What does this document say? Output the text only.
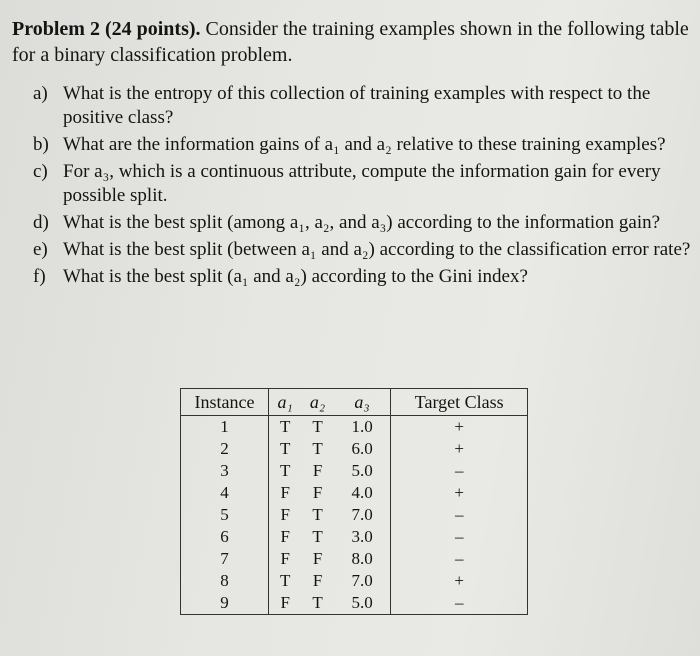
Problem 2 (24 points). Consider the training examples shown in the following table for a binary classification problem.

a) What is the entropy of this collection of training examples with respect to the positive class?
b) What are the information gains of a₁ and a₂ relative to these training examples?
c) For a₃, which is a continuous attribute, compute the information gain for every possible split.
d) What is the best split (among a₁, a₂, and a₃) according to the information gain?
e) What is the best split (between a₁ and a₂) according to the classification error rate?
f) What is the best split (a₁ and a₂) according to the Gini index?
Instance	a₁	a₂	a₃	Target Class
1	T	T	1.0	+
2	T	T	6.0	+
3	T	F	5.0	–
4	F	F	4.0	+
5	F	T	7.0	–
6	F	T	3.0	–
7	F	F	8.0	–
8	T	F	7.0	+
9	F	T	5.0	–
